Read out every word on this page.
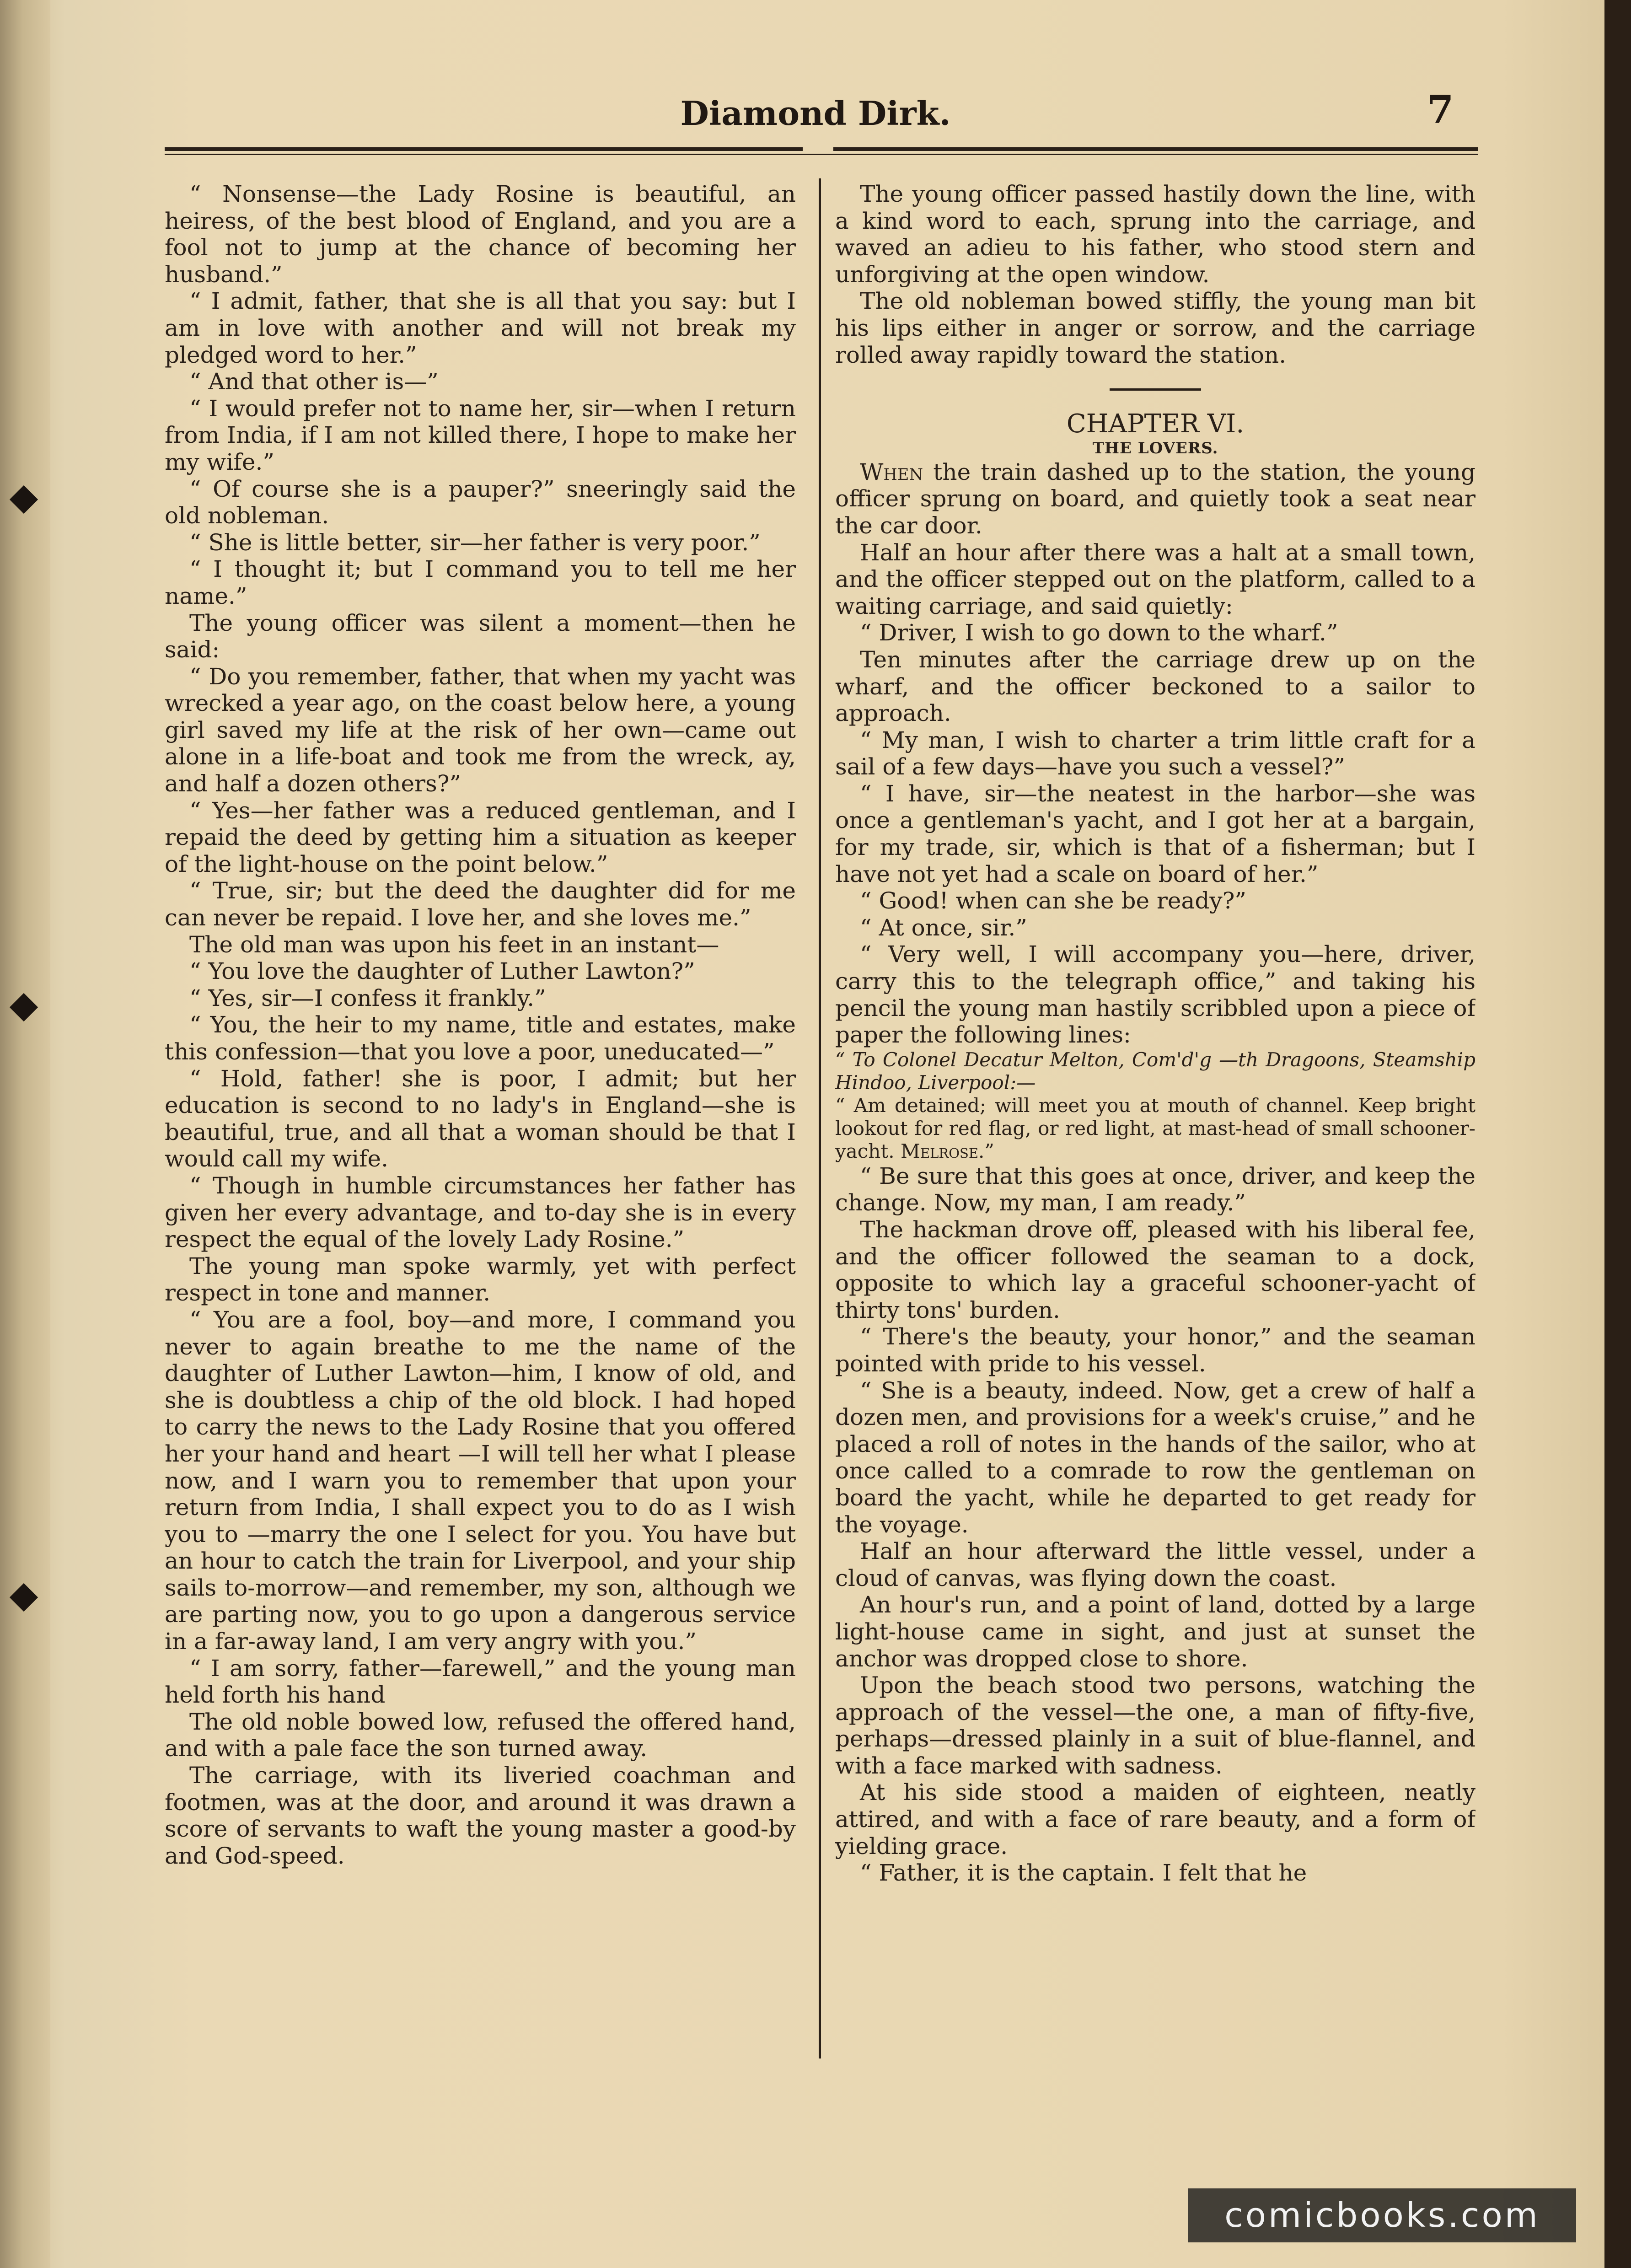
Diamond Dirk.	7

“ Nonsense—the Lady Rosine is beautiful, an heiress, of the best blood of England, and you are a fool not to jump at the chance of becoming her husband.”

“ I admit, father, that she is all that you say: but I am in love with another and will not break my pledged word to her.”

“ And that other is—”

“ I would prefer not to name her, sir—when I return from India, if I am not killed there, I hope to make her my wife.”

“ Of course she is a pauper?” sneeringly said the old nobleman.

“ She is little better, sir—her father is very poor.”

“ I thought it; but I command you to tell me her name.”

The young officer was silent a moment—then he said:

“ Do you remember, father, that when my yacht was wrecked a year ago, on the coast below here, a young girl saved my life at the risk of her own—came out alone in a life-boat and took me from the wreck, ay, and half a dozen others?”

“ Yes—her father was a reduced gentleman, and I repaid the deed by getting him a situation as keeper of the light-house on the point below.”

“ True, sir; but the deed the daughter did for me can never be repaid. I love her, and she loves me.”

The old man was upon his feet in an instant—

“ You love the daughter of Luther Lawton?”

“ Yes, sir—I confess it frankly.”

“ You, the heir to my name, title and estates, make this confession—that you love a poor, uneducated—”

“ Hold, father! she is poor, I admit; but her education is second to no lady's in England—she is beautiful, true, and all that a woman should be that I would call my wife.

“ Though in humble circumstances her father has given her every advantage, and to-day she is in every respect the equal of the lovely Lady Rosine.”

The young man spoke warmly, yet with perfect respect in tone and manner.

“ You are a fool, boy—and more, I command you never to again breathe to me the name of the daughter of Luther Lawton—him, I know of old, and she is doubtless a chip of the old block. I had hoped to carry the news to the Lady Rosine that you offered her your hand and heart —I will tell her what I please now, and I warn you to remember that upon your return from India, I shall expect you to do as I wish you to —marry the one I select for you. You have but an hour to catch the train for Liverpool, and your ship sails to-morrow—and remember, my son, although we are parting now, you to go upon a dangerous service in a far-away land, I am very angry with you.”

“ I am sorry, father—farewell,” and the young man held forth his hand

The old noble bowed low, refused the offered hand, and with a pale face the son turned away.

The carriage, with its liveried coachman and footmen, was at the door, and around it was drawn a score of servants to waft the young master a good-by and God-speed.

The young officer passed hastily down the line, with a kind word to each, sprung into the carriage, and waved an adieu to his father, who stood stern and unforgiving at the open window.

The old nobleman bowed stiffly, the young man bit his lips either in anger or sorrow, and the carriage rolled away rapidly toward the station.

CHAPTER VI.

THE LOVERS.

When the train dashed up to the station, the young officer sprung on board, and quietly took a seat near the car door.

Half an hour after there was a halt at a small town, and the officer stepped out on the platform, called to a waiting carriage, and said quietly:

“ Driver, I wish to go down to the wharf.”

Ten minutes after the carriage drew up on the wharf, and the officer beckoned to a sailor to approach.

“ My man, I wish to charter a trim little craft for a sail of a few days—have you such a vessel?”

“ I have, sir—the neatest in the harbor—she was once a gentleman's yacht, and I got her at a bargain, for my trade, sir, which is that of a fisherman; but I have not yet had a scale on board of her.”

“ Good! when can she be ready?”

“ At once, sir.”

“ Very well, I will accompany you—here, driver, carry this to the telegraph office,” and taking his pencil the young man hastily scribbled upon a piece of paper the following lines:

“ To Colonel Decatur Melton, Com'd'g —th Dragoons, Steamship Hindoo, Liverpool:—

“ Am detained; will meet you at mouth of channel. Keep bright lookout for red flag, or red light, at mast-head of small schooner-yacht. Melrose.”

“ Be sure that this goes at once, driver, and keep the change. Now, my man, I am ready.”

The hackman drove off, pleased with his liberal fee, and the officer followed the seaman to a dock, opposite to which lay a graceful schooner-yacht of thirty tons' burden.

“ There's the beauty, your honor,” and the seaman pointed with pride to his vessel.

“ She is a beauty, indeed. Now, get a crew of half a dozen men, and provisions for a week's cruise,” and he placed a roll of notes in the hands of the sailor, who at once called to a comrade to row the gentleman on board the yacht, while he departed to get ready for the voyage.

Half an hour afterward the little vessel, under a cloud of canvas, was flying down the coast.

An hour's run, and a point of land, dotted by a large light-house came in sight, and just at sunset the anchor was dropped close to shore.

Upon the beach stood two persons, watching the approach of the vessel—the one, a man of fifty-five, perhaps—dressed plainly in a suit of blue-flannel, and with a face marked with sadness.

At his side stood a maiden of eighteen, neatly attired, and with a face of rare beauty, and a form of yielding grace.

“ Father, it is the captain. I felt that he

comicbooks.com
